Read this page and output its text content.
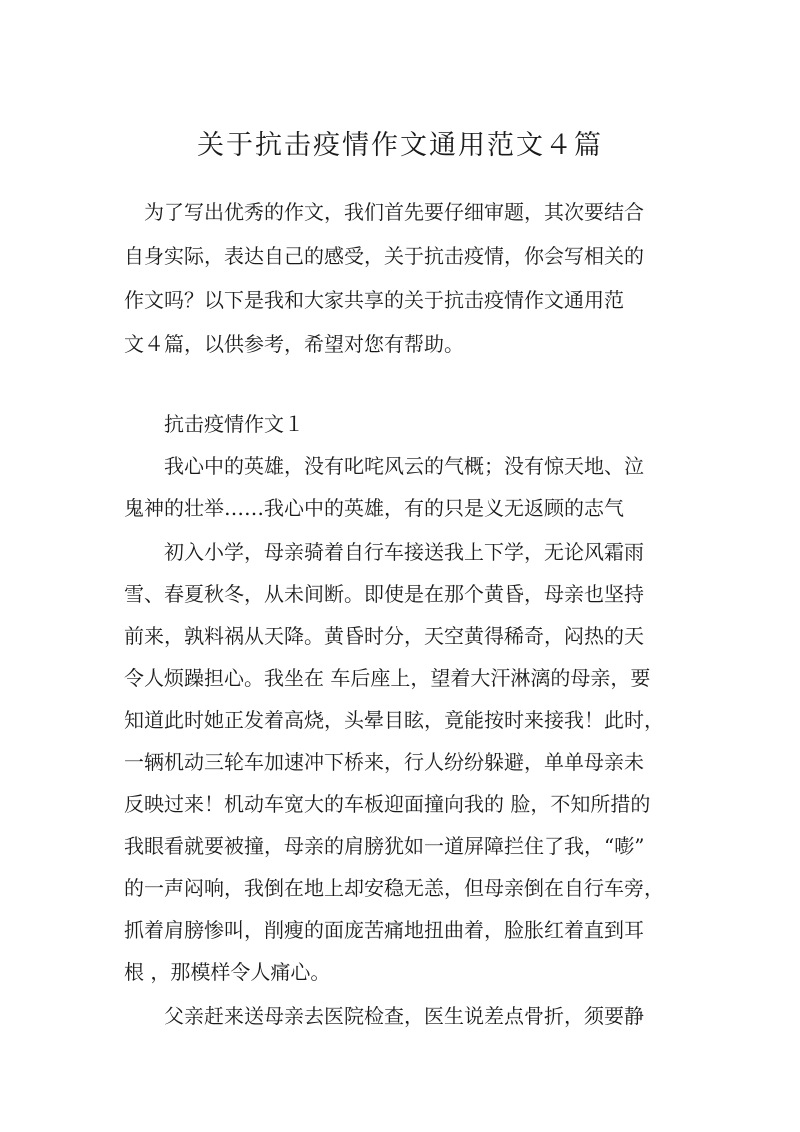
关于抗击疫情作文通用范文４篇

为了写出优秀的作文，我们首先要仔细审题，其次要结合

自身实际，表达自己的感受，关于抗击疫情，你会写相关的

作文吗？以下是我和大家共享的关于抗击疫情作文通用范

文４篇，以供参考，希望对您有帮助。

抗击疫情作文１

我心中的英雄，没有叱咤风云的气概；没有惊天地、泣

鬼神的壮举……我心中的英雄，有的只是义无返顾的志气

初入小学，母亲骑着自行车接送我上下学，无论风霜雨

雪、春夏秋冬，从未间断。即使是在那个黄昏，母亲也坚持

前来，孰料祸从天降。黄昏时分，天空黄得稀奇，闷热的天

令人烦躁担心。我坐在 车后座上，望着大汗淋漓的母亲，要

知道此时她正发着高烧，头晕目眩，竟能按时来接我！此时，

一辆机动三轮车加速冲下桥来，行人纷纷躲避，单单母亲未

反映过来！机动车宽大的车板迎面撞向我的 脸，不知所措的

我眼看就要被撞，母亲的肩膀犹如一道屏障拦住了我，“嘭”

的一声闷响，我倒在地上却安稳无恙，但母亲倒在自行车旁，

抓着肩膀惨叫，削瘦的面庞苦痛地扭曲着，脸胀红着直到耳

根 ，那模样令人痛心。

父亲赶来送母亲去医院检查，医生说差点骨折，须要静
